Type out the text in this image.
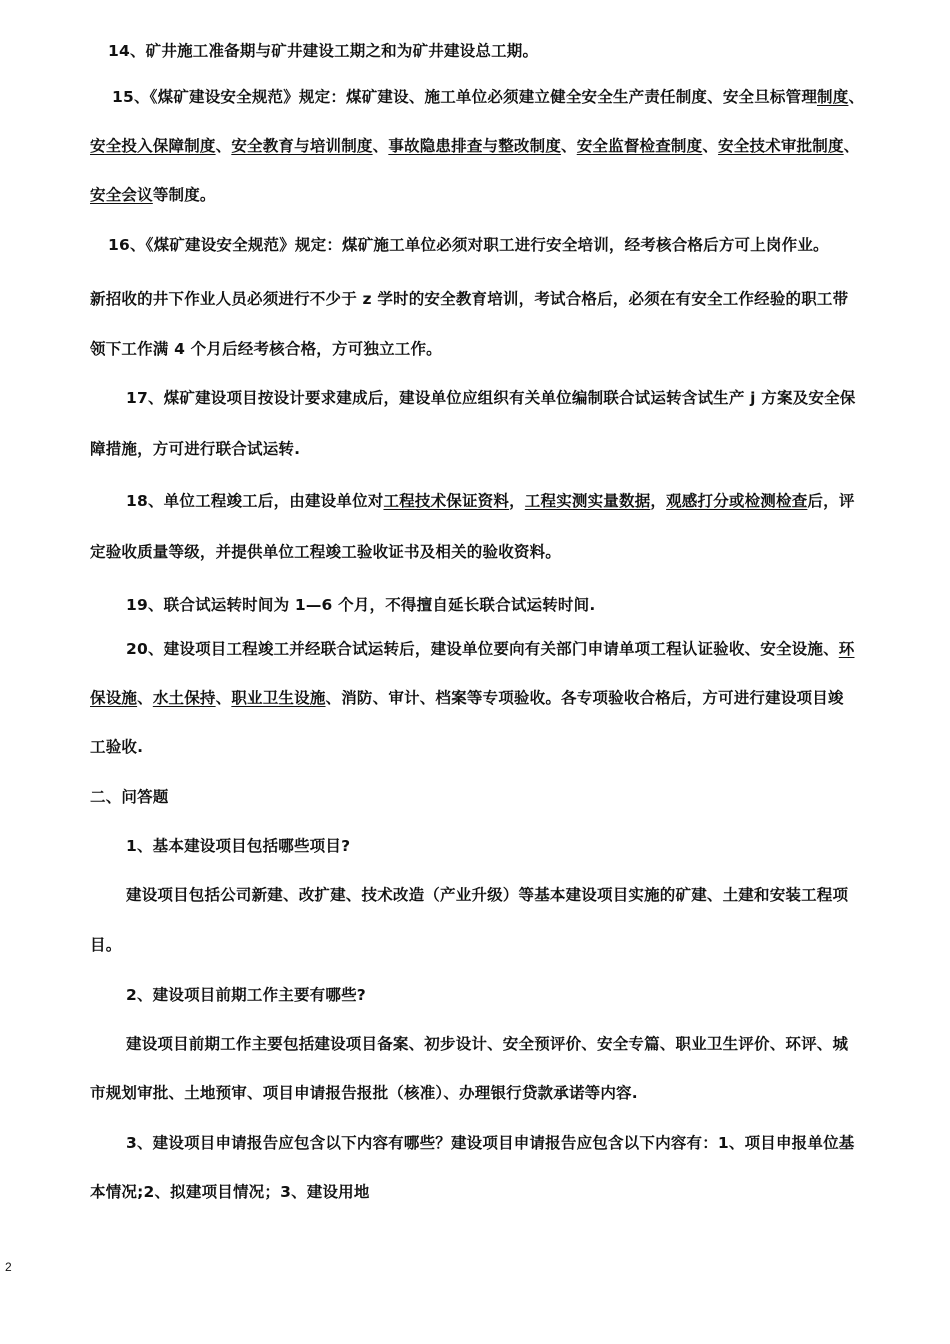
14、矿井施工准备期与矿井建设工期之和为矿井建设总工期。

15、《煤矿建设安全规范》规定：煤矿建设、施工单位必须建立健全安全生产责任制度、安全旦标管理制度、

安全投入保障制度、安全教育与培训制度、事故隐患排查与整改制度、安全监督检查制度、安全技术审批制度、

安全会议等制度。

16、《煤矿建设安全规范》规定：煤矿施工单位必须对职工进行安全培训，经考核合格后方可上岗作业。

新招收的井下作业人员必须进行不少于 z 学时的安全教育培训，考试合格后，必须在有安全工作经验的职工带

领下工作满 4 个月后经考核合格，方可独立工作。

17、煤矿建设项目按设计要求建成后，建设单位应组织有关单位编制联合试运转含试生产 j 方案及安全保

障措施，方可进行联合试运转.

18、单位工程竣工后，由建设单位对工程技术保证资料，工程实测实量数据，观感打分或检测检查后，评

定验收质量等级，并提供单位工程竣工验收证书及相关的验收资料。

19、联合试运转时间为 1—6 个月，不得擅自延长联合试运转时间.

20、建设项目工程竣工并经联合试运转后，建设单位要向有关部门申请单项工程认证验收、安全设施、环

保设施、水土保持、职业卫生设施、消防、审计、档案等专项验收。各专项验收合格后，方可进行建设项目竣

工验收.

二、问答题

1、基本建设项目包括哪些项目?

建设项目包括公司新建、改扩建、技术改造（产业升级）等基本建设项目实施的矿建、土建和安装工程项

目。

2、建设项目前期工作主要有哪些?

建设项目前期工作主要包括建设项目备案、初步设计、安全预评价、安全专篇、职业卫生评价、环评、城

市规划审批、土地预审、项目申请报告报批（核准）、办理银行贷款承诺等内容.

3、建设项目申请报告应包含以下内容有哪些？建设项目申请报告应包含以下内容有：1、项目申报单位基

本情况;2、拟建项目情况；3、建设用地

2
